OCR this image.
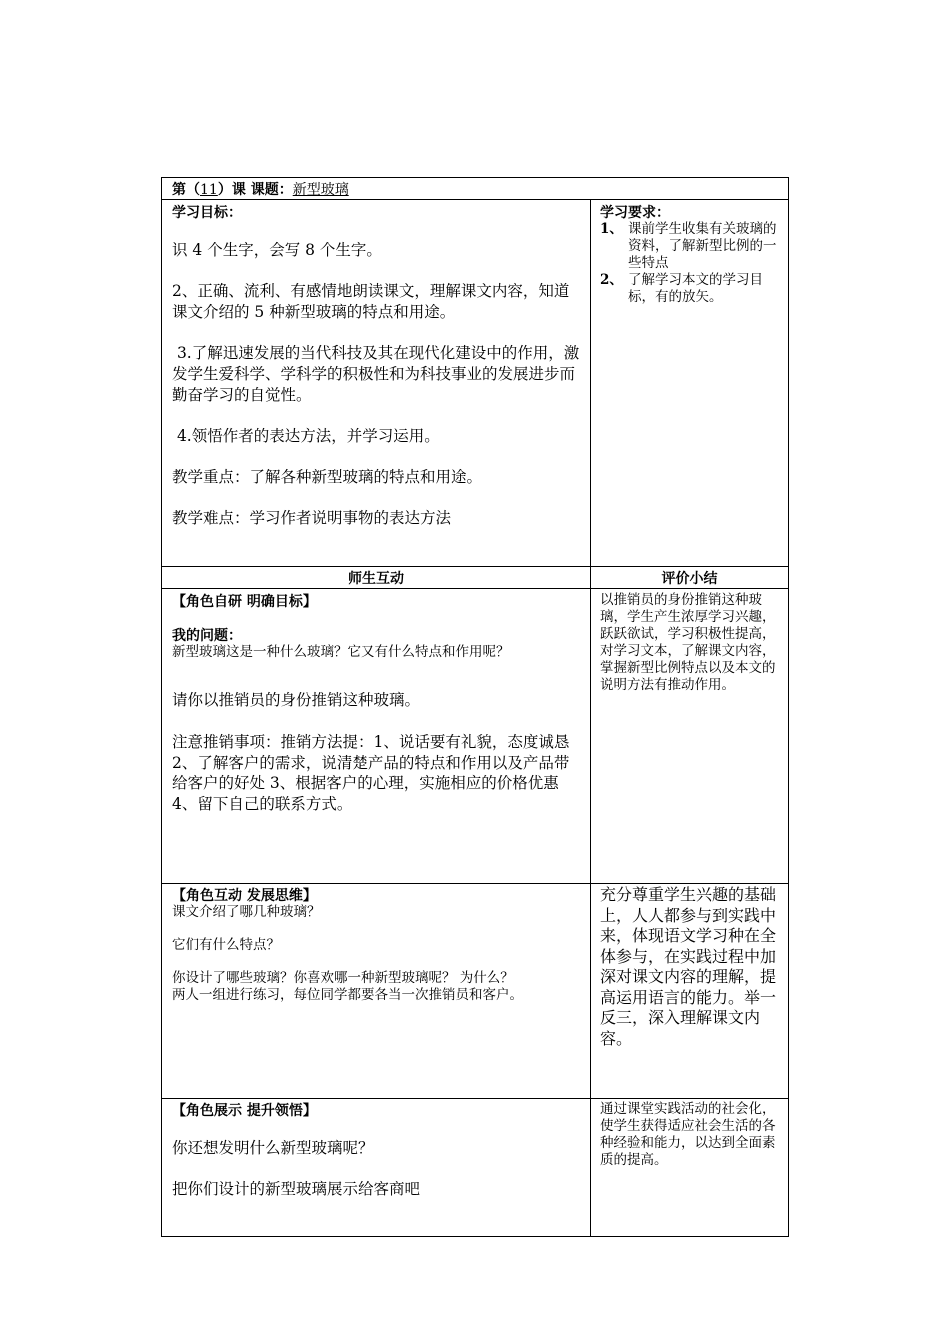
第（11）课 课题：新型玻璃
学习目标：

识 4 个生字，会写 8 个生字。

2、正确、流利、有感情地朗读课文，理解课文内容，知道课文介绍的 5 种新型玻璃的特点和用途。

3.了解迅速发展的当代科技及其在现代化建设中的作用，激发学生爱科学、学科学的积极性和为科技事业的发展进步而勤奋学习的自觉性。

4.领悟作者的表达方法，并学习运用。

教学重点：了解各种新型玻璃的特点和用途。

教学难点：学习作者说明事物的表达方法

学习要求：
1、 课前学生收集有关玻璃的资料，了解新型比例的一些特点
2、 了解学习本文的学习目标，有的放矢。
师生互动	评价小结
【角色自研 明确目标】
我的问题：

新型玻璃这是一种什么玻璃？它又有什么特点和作用呢？

请你以推销员的身份推销这种玻璃。

注意推销事项：推销方法提：1、说话要有礼貌，态度诚恳 2、了解客户的需求，说清楚产品的特点和作用以及产品带给客户的好处 3、根据客户的心理，实施相应的价格优惠 4、留下自己的联系方式。

以推销员的身份推销这种玻璃，学生产生浓厚学习兴趣，跃跃欲试，学习积极性提高，对学习文本，了解课文内容，掌握新型比例特点以及本文的说明方法有推动作用。

【角色互动 发展思维】

课文介绍了哪几种玻璃？

它们有什么特点？

你设计了哪些玻璃？你喜欢哪一种新型玻璃呢？ 为什么？

两人一组进行练习，每位同学都要各当一次推销员和客户。

充分尊重学生兴趣的基础上，人人都参与到实践中来，体现语文学习种在全体参与，在实践过程中加深对课文内容的理解，提高运用语言的能力。举一反三，深入理解课文内容。

【角色展示 提升领悟】

你还想发明什么新型玻璃呢？

把你们设计的新型玻璃展示给客商吧

通过课堂实践活动的社会化，使学生获得适应社会生活的各种经验和能力，以达到全面素质的提高。
